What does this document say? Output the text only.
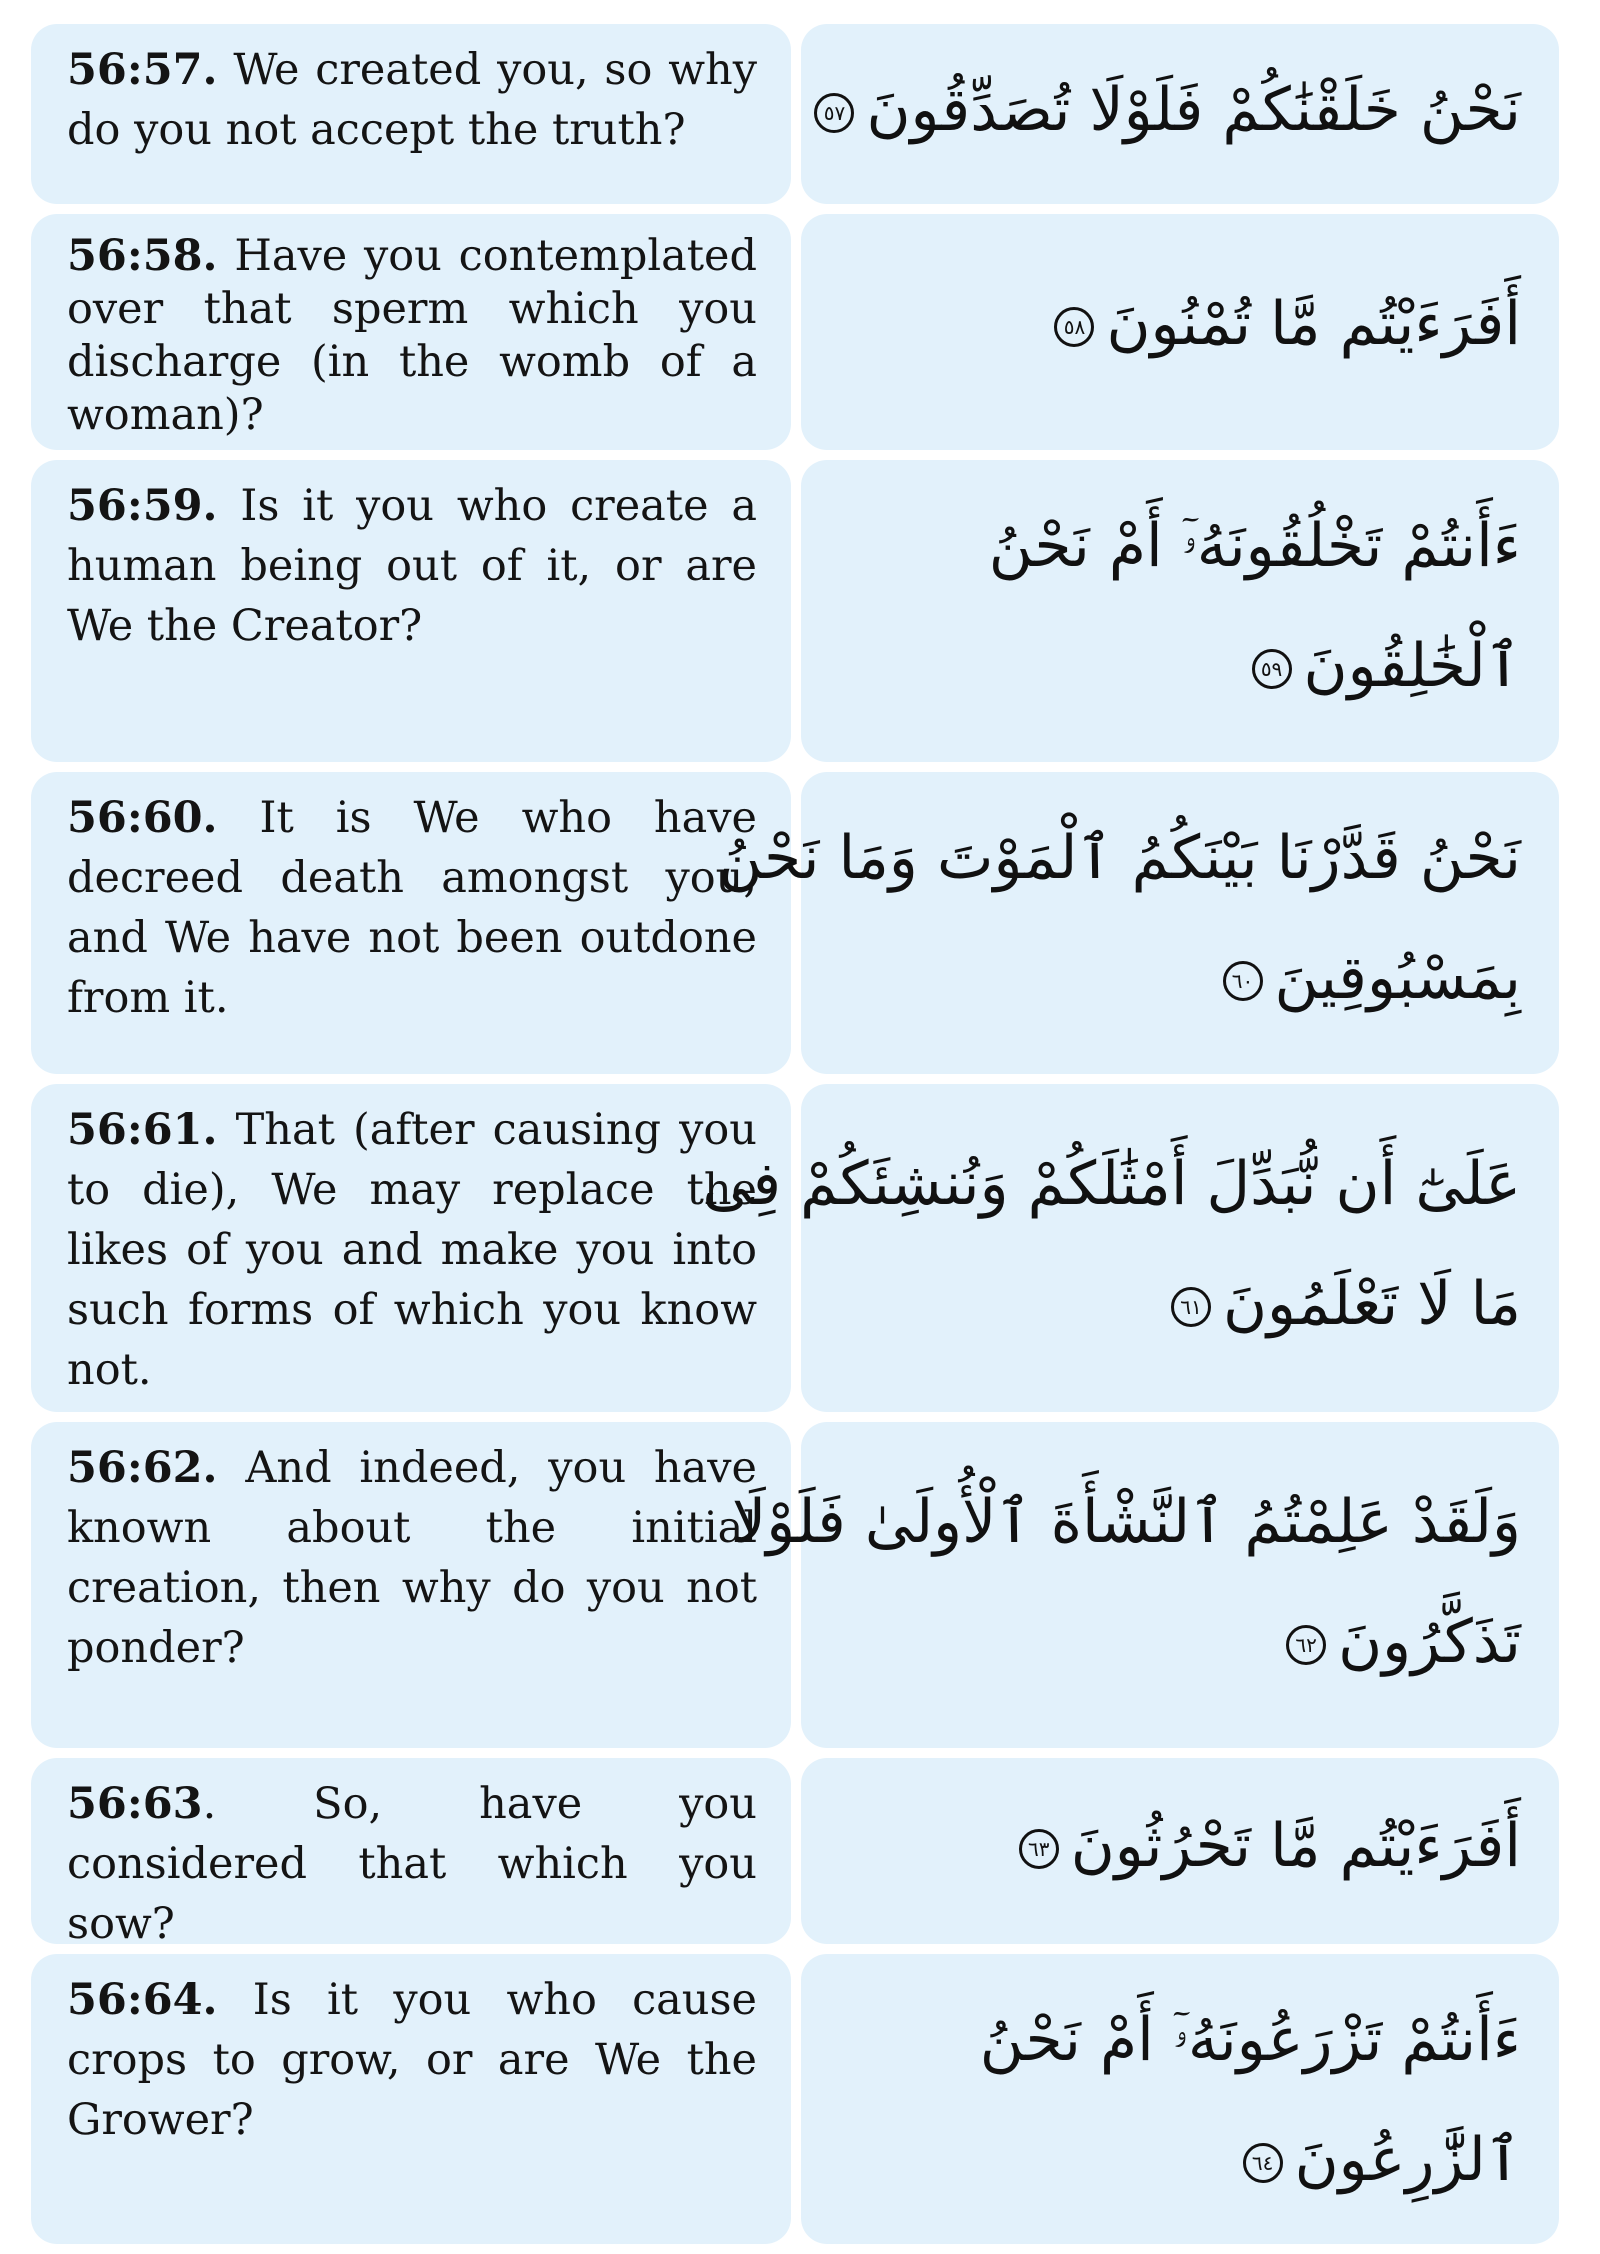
56:57. We created you, so why do you not accept the truth?	نَحْنُ خَلَقْنَٰكُمْ فَلَوْلَا تُصَدِّقُونَ٥٧

56:58. Have you contemplated over that sperm which you discharge (in the womb of a woman)?

أَفَرَءَيْتُم مَّا تُمْنُونَ٥٨

56:59. Is it you who create a human being out of it, or are We the Creator?

ءَأَنتُمْ تَخْلُقُونَهُۥٓ أَمْ نَحْنُ
ٱلْخَٰلِقُونَ٥٩

56:60. It is We who have decreed death amongst you, and We have not been outdone from it.

نَحْنُ قَدَّرْنَا بَيْنَكُمُ ٱلْمَوْتَ وَمَا نَحْنُ
بِمَسْبُوقِينَ٦٠

56:61. That (after causing you to die), We may replace the likes of you and make you into such forms of which you know not.

عَلَىٰٓ أَن نُّبَدِّلَ أَمْثَٰلَكُمْ وَنُنشِئَكُمْ فِى
مَا لَا تَعْلَمُونَ٦١

56:62. And indeed, you have known about the initial creation, then why do you not ponder?

وَلَقَدْ عَلِمْتُمُ ٱلنَّشْأَةَ ٱلْأُولَىٰ فَلَوْلَا
تَذَكَّرُونَ٦٢

56:63. So, have you considered that which you sow?

أَفَرَءَيْتُم مَّا تَحْرُثُونَ٦٣

56:64. Is it you who cause crops to grow, or are We the Grower?

ءَأَنتُمْ تَزْرَعُونَهُۥٓ أَمْ نَحْنُ
ٱلزَّٰرِعُونَ٦٤
